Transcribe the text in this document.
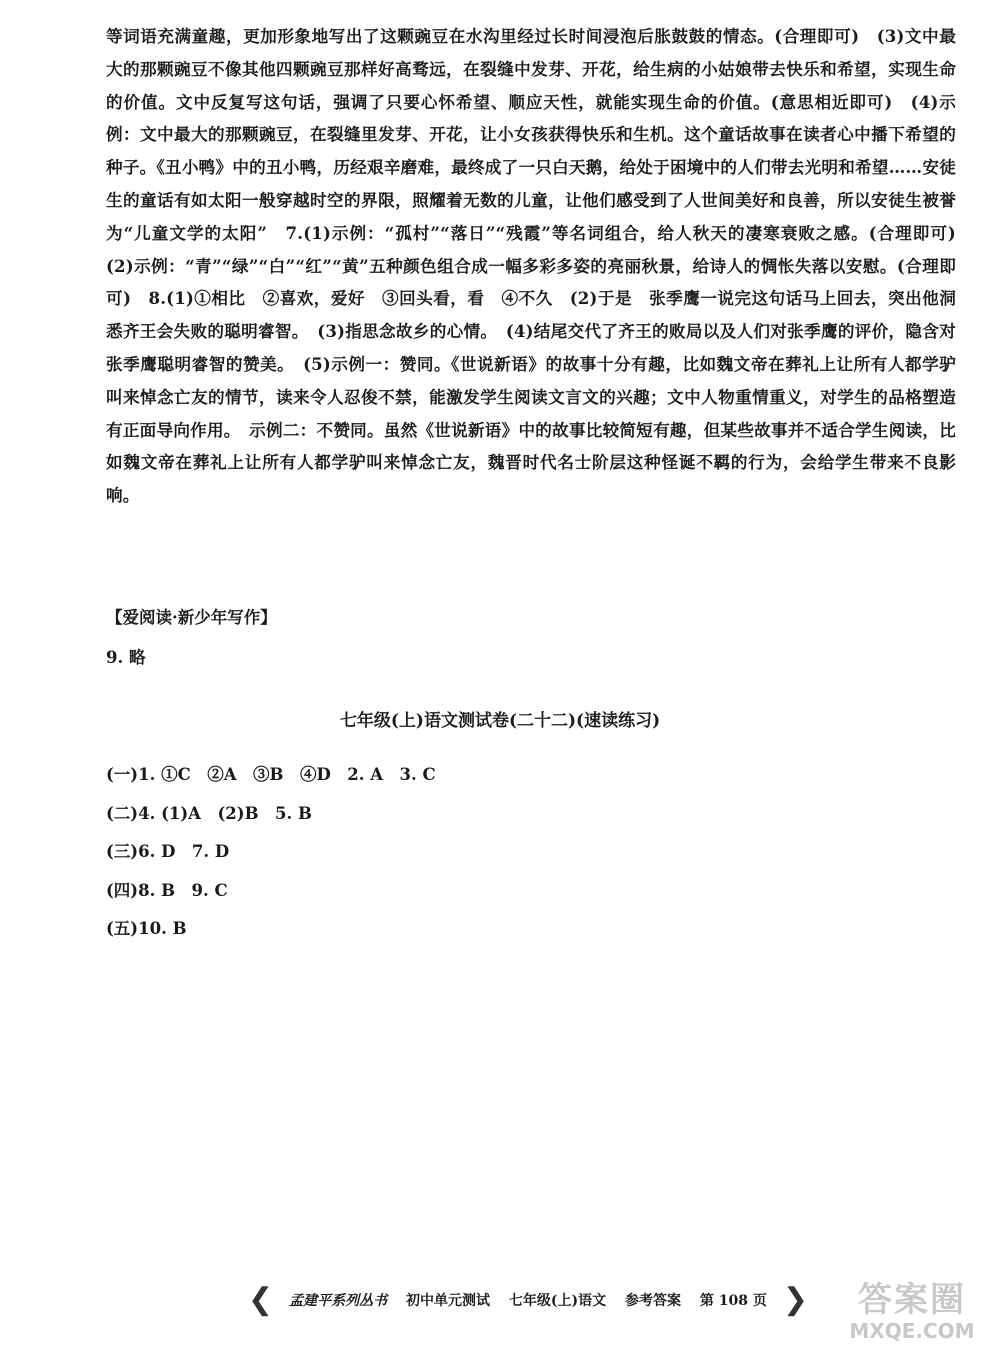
等词语充满童趣，更加形象地写出了这颗豌豆在水沟里经过长时间浸泡后胀鼓鼓的情态。(合理即可)　(3)文中最大的那颗豌豆不像其他四颗豌豆那样好高骛远，在裂缝中发芽、开花，给生病的小姑娘带去快乐和希望，实现生命的价值。文中反复写这句话，强调了只要心怀希望、顺应天性，就能实现生命的价值。(意思相近即可)　(4)示例：文中最大的那颗豌豆，在裂缝里发芽、开花，让小女孩获得快乐和生机。这个童话故事在读者心中播下希望的种子。《丑小鸭》中的丑小鸭，历经艰辛磨难，最终成了一只白天鹅，给处于困境中的人们带去光明和希望……安徒生的童话有如太阳一般穿越时空的界限，照耀着无数的儿童，让他们感受到了人世间美好和良善，所以安徒生被誉为“儿童文学的太阳”　7.(1)示例：“孤村”“落日”“残霞”等名词组合，给人秋天的凄寒衰败之感。(合理即可)　(2)示例：“青”“绿”“白”“红”“黄”五种颜色组合成一幅多彩多姿的亮丽秋景，给诗人的惆怅失落以安慰。(合理即可)　8.(1)①相比　②喜欢，爱好　③回头看，看　④不久　(2)于是　张季鹰一说完这句话马上回去，突出他洞悉齐王会失败的聪明睿智。　(3)指思念故乡的心情。　(4)结尾交代了齐王的败局以及人们对张季鹰的评价，隐含对张季鹰聪明睿智的赞美。　(5)示例一：赞同。《世说新语》的故事十分有趣，比如魏文帝在葬礼上让所有人都学驴叫来悼念亡友的情节，读来令人忍俊不禁，能激发学生阅读文言文的兴趣；文中人物重情重义，对学生的品格塑造有正面导向作用。　示例二：不赞同。虽然《世说新语》中的故事比较简短有趣，但某些故事并不适合学生阅读，比如魏文帝在葬礼上让所有人都学驴叫来悼念亡友，魏晋时代名士阶层这种怪诞不羁的行为，会给学生带来不良影响。

【爱阅读·新少年写作】
9. 略
七年级(上)语文测试卷(二十二)(速读练习)
(一)1. ①C　②A　③B　④D　2. A　3. C
(二)4. (1)A　(2)B　5. B
(三)6. D　7. D
(四)8. B　9. C
(五)10. B
❮ 孟建平系列丛书　 初中单元测试　 七年级(上)语文　 参考答案　 第 108 页 ❯	答案圈
MXQE.COM
